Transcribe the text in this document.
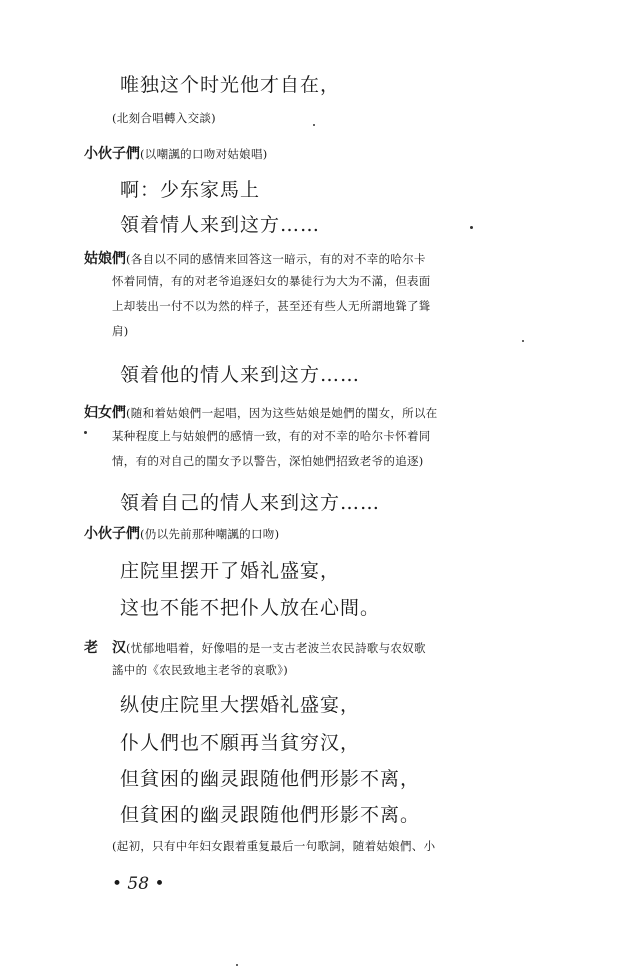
唯独这个时光他才自在，
(北刻合唱轉入交談)
小伙子們(以嘲諷的口吻对姑娘唱)
啊：少东家馬上
領着情人来到这方……
姑娘們(各自以不同的感情来回答这一暗示，有的对不幸的哈尔卡
怀着同情，有的对老爷追逐妇女的暴徒行为大为不滿，但表面
上却装出一付不以为然的样子，甚至还有些人无所謂地聳了聳
肩)
領着他的情人来到这方……
妇女們(随和着姑娘們一起唱，因为这些姑娘是她們的閨女，所以在
某种程度上与姑娘們的感情一致，有的对不幸的哈尔卡怀着同
情，有的对自己的閨女予以警告，深怕她們招致老爷的追逐)
領着自己的情人来到这方……
小伙子們(仍以先前那种嘲諷的口吻)
庄院里摆开了婚礼盛宴，
这也不能不把仆人放在心間。
老　汉(忧郁地唱着，好像唱的是一支古老波兰农民詩歌与农奴歌
謠中的《农民致地主老爷的哀歌》)
纵使庄院里大摆婚礼盛宴，
仆人們也不願再当貧穷汉，
但貧困的幽灵跟随他們形影不离，
但貧困的幽灵跟随他們形影不离。
(起初，只有中年妇女跟着重复最后一句歌詞，随着姑娘們、小
• 58 •
